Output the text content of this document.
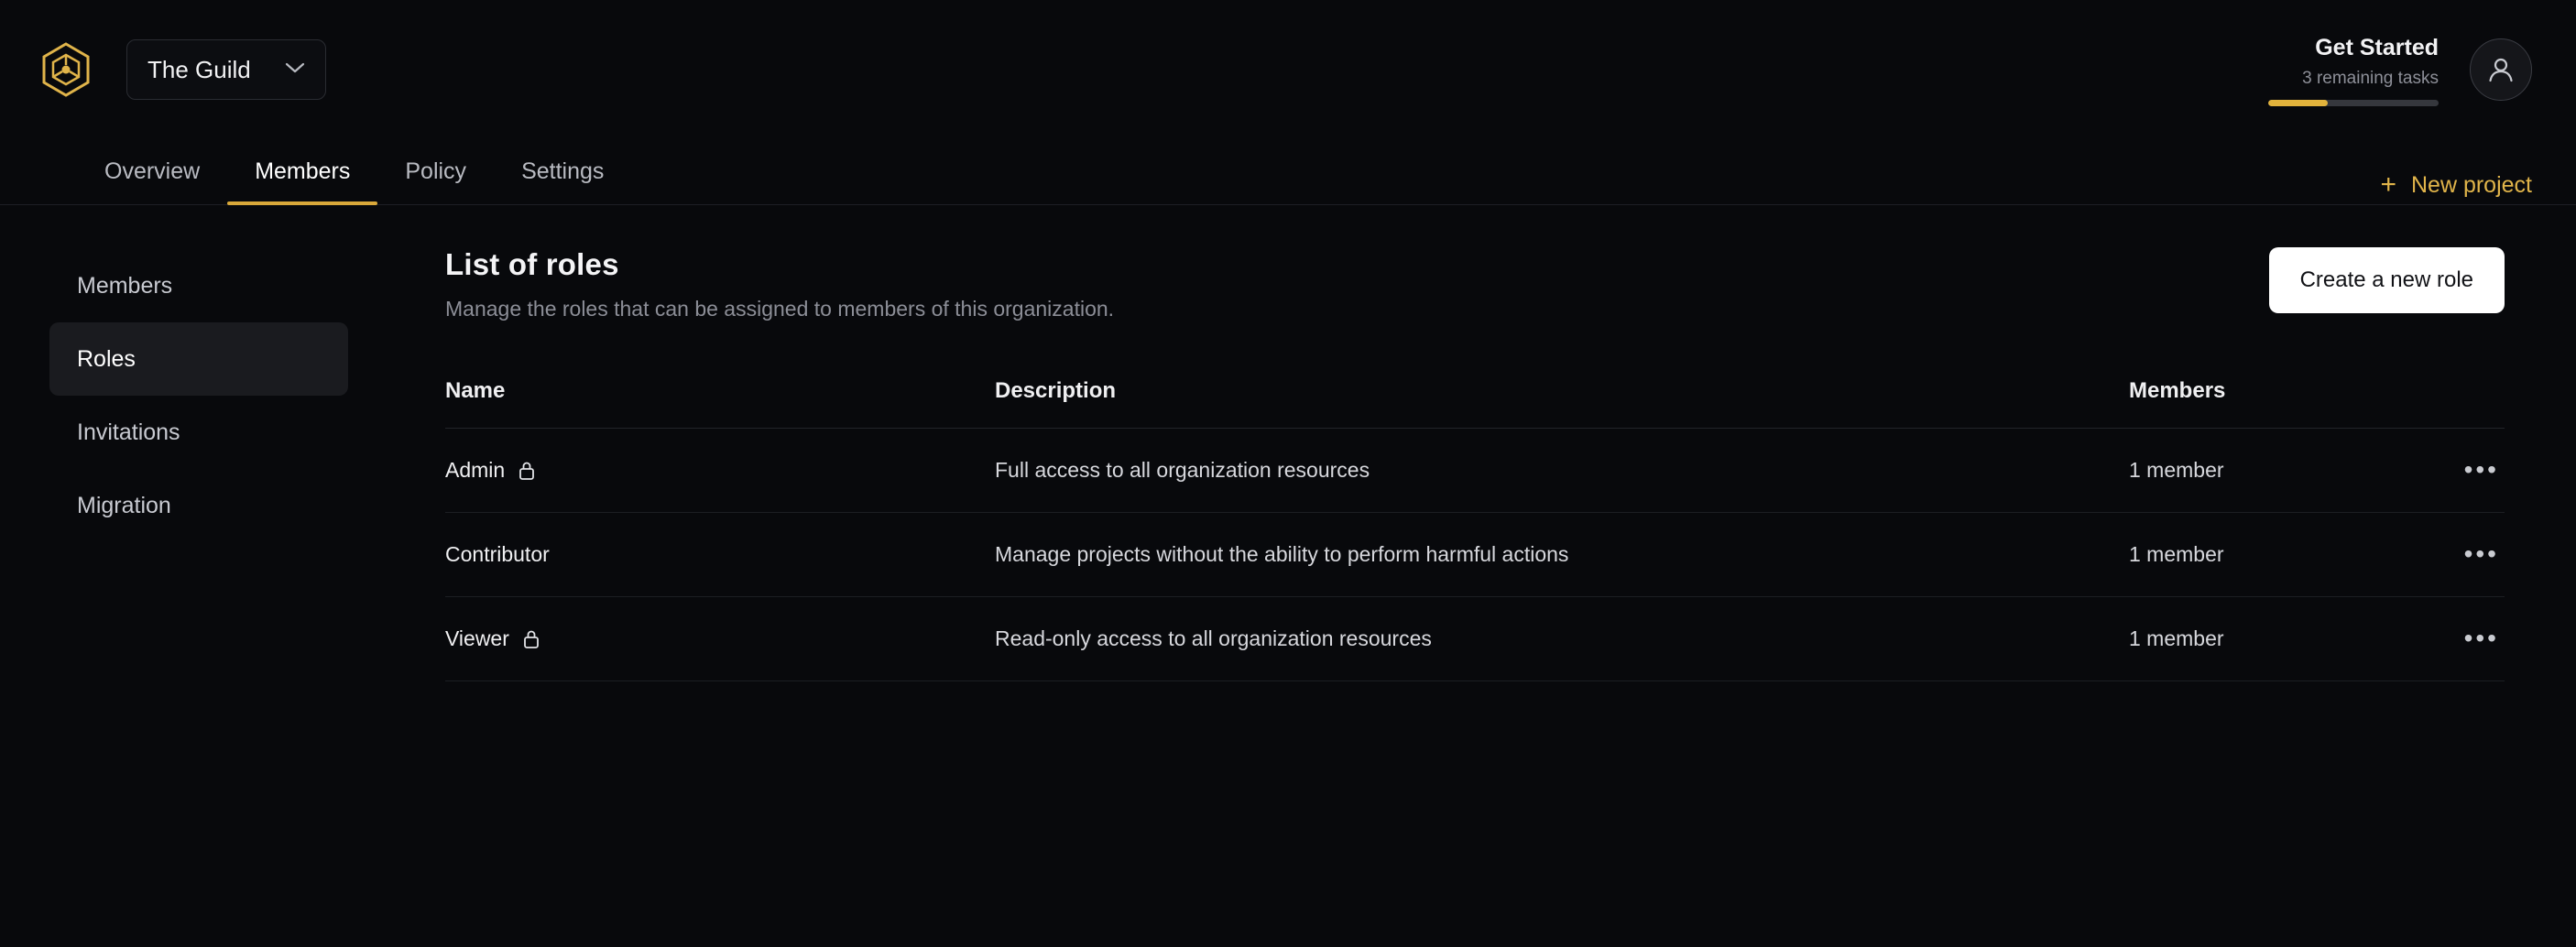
The Guild
Get Started
3 remaining tasks
Overview Members Policy Settings	+ New project
Members
Roles
Invitations
Migration
List of roles
Manage the roles that can be assigned to members of this organization.
Create a new role
Name	Description	Members	

Admin	Full access to all organization resources	1 member	•••

Contributor	Manage projects without the ability to perform harmful actions	1 member	•••

Viewer	Read-only access to all organization resources	1 member	•••
